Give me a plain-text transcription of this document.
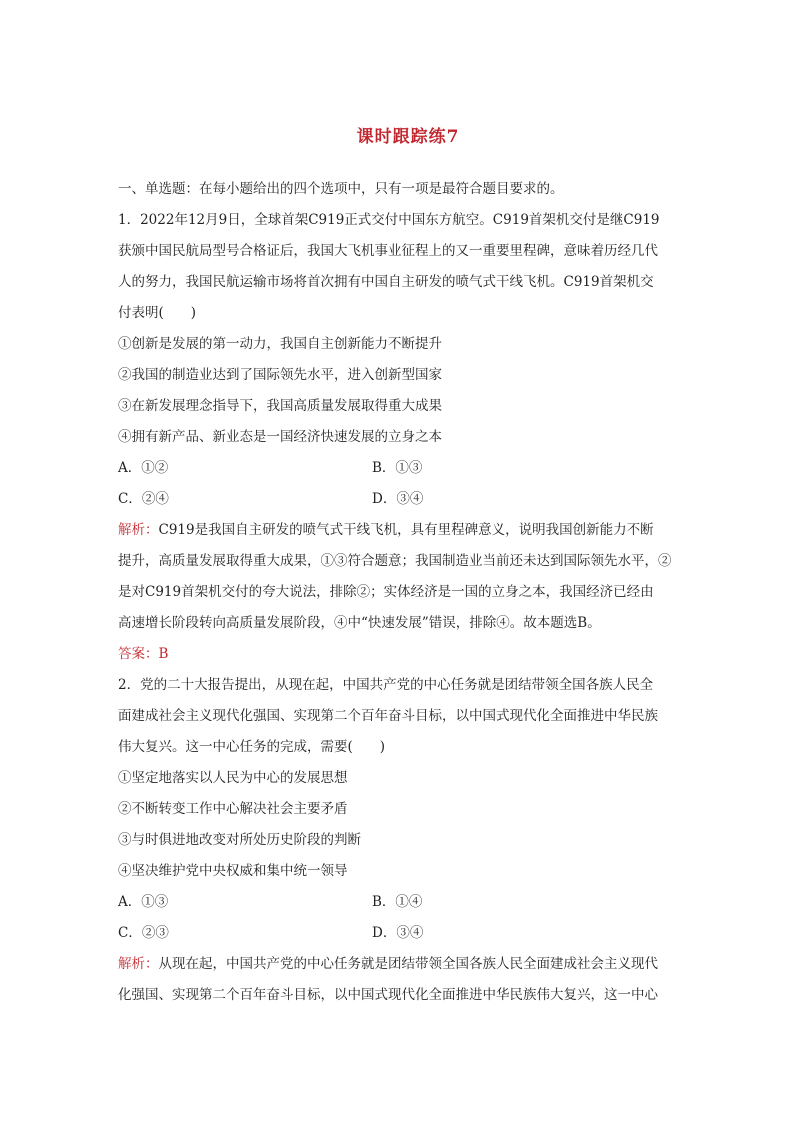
课时跟踪练7
一、单选题：在每小题给出的四个选项中，只有一项是最符合题目要求的。
1．2022年12月9日，全球首架C919正式交付中国东方航空。C919首架机交付是继C919
获颁中国民航局型号合格证后，我国大飞机事业征程上的又一重要里程碑，意味着历经几代
人的努力，我国民航运输市场将首次拥有中国自主研发的喷气式干线飞机。C919首架机交
付表明(　　)
①创新是发展的第一动力，我国自主创新能力不断提升
②我国的制造业达到了国际领先水平，进入创新型国家
③在新发展理念指导下，我国高质量发展取得重大成果
④拥有新产品、新业态是一国经济快速发展的立身之本
A．①②	B．①③
C．②④	D．③④
解析：C919是我国自主研发的喷气式干线飞机，具有里程碑意义，说明我国创新能力不断
提升，高质量发展取得重大成果，①③符合题意；我国制造业当前还未达到国际领先水平，②
是对C919首架机交付的夸大说法，排除②；实体经济是一国的立身之本，我国经济已经由
高速增长阶段转向高质量发展阶段，④中“快速发展”错误，排除④。故本题选B。
答案：B
2．党的二十大报告提出，从现在起，中国共产党的中心任务就是团结带领全国各族人民全
面建成社会主义现代化强国、实现第二个百年奋斗目标，以中国式现代化全面推进中华民族
伟大复兴。这一中心任务的完成，需要(　　)
①坚定地落实以人民为中心的发展思想
②不断转变工作中心解决社会主要矛盾
③与时俱进地改变对所处历史阶段的判断
④坚决维护党中央权威和集中统一领导
A．①③	B．①④
C．②③	D．③④
解析：从现在起，中国共产党的中心任务就是团结带领全国各族人民全面建成社会主义现代
化强国、实现第二个百年奋斗目标，以中国式现代化全面推进中华民族伟大复兴，这一中心
